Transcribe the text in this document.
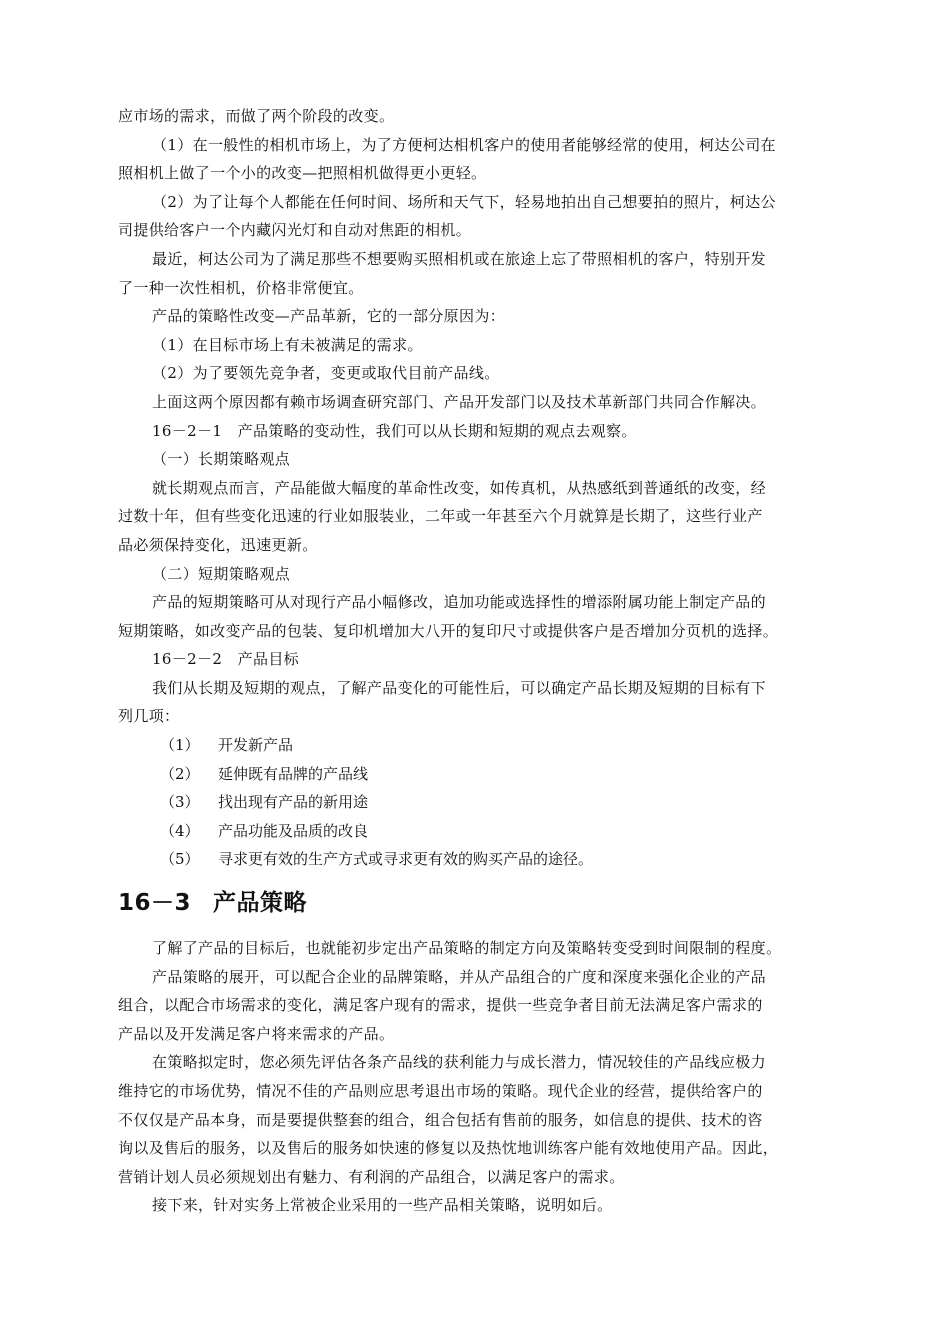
应市场的需求，而做了两个阶段的改变。
（1）在一般性的相机市场上，为了方便柯达相机客户的使用者能够经常的使用，柯达公司在
照相机上做了一个小的改变—把照相机做得更小更轻。
（2）为了让每个人都能在任何时间、场所和天气下，轻易地拍出自己想要拍的照片，柯达公
司提供给客户一个内藏闪光灯和自动对焦距的相机。
最近，柯达公司为了满足那些不想要购买照相机或在旅途上忘了带照相机的客户，特别开发
了一种一次性相机，价格非常便宜。
产品的策略性改变—产品革新，它的一部分原因为：
（1）在目标市场上有未被满足的需求。
（2）为了要领先竞争者，变更或取代目前产品线。
上面这两个原因都有赖市场调查研究部门、产品开发部门以及技术革新部门共同合作解决。
16－2－1　产品策略的变动性，我们可以从长期和短期的观点去观察。
（一）长期策略观点
就长期观点而言，产品能做大幅度的革命性改变，如传真机，从热感纸到普通纸的改变，经
过数十年，但有些变化迅速的行业如服装业，二年或一年甚至六个月就算是长期了，这些行业产
品必须保持变化，迅速更新。
（二）短期策略观点
产品的短期策略可从对现行产品小幅修改，追加功能或选择性的增添附属功能上制定产品的
短期策略，如改变产品的包装、复印机增加大八开的复印尺寸或提供客户是否增加分页机的选择。
16－2－2　产品目标
我们从长期及短期的观点，了解产品变化的可能性后，可以确定产品长期及短期的目标有下
列几项：
（1） 开发新产品
（2） 延伸既有品牌的产品线
（3） 找出现有产品的新用途
（4） 产品功能及品质的改良
（5） 寻求更有效的生产方式或寻求更有效的购买产品的途径。
16－3 产品策略
了解了产品的目标后，也就能初步定出产品策略的制定方向及策略转变受到时间限制的程度。
产品策略的展开，可以配合企业的品牌策略，并从产品组合的广度和深度来强化企业的产品
组合，以配合市场需求的变化，满足客户现有的需求，提供一些竞争者目前无法满足客户需求的
产品以及开发满足客户将来需求的产品。
在策略拟定时，您必须先评估各条产品线的获利能力与成长潜力，情况较佳的产品线应极力
维持它的市场优势，情况不佳的产品则应思考退出市场的策略。现代企业的经营，提供给客户的
不仅仅是产品本身，而是要提供整套的组合，组合包括有售前的服务，如信息的提供、技术的咨
询以及售后的服务，以及售后的服务如快速的修复以及热忱地训练客户能有效地使用产品。因此，
营销计划人员必须规划出有魅力、有利润的产品组合，以满足客户的需求。
接下来，针对实务上常被企业采用的一些产品相关策略，说明如后。
